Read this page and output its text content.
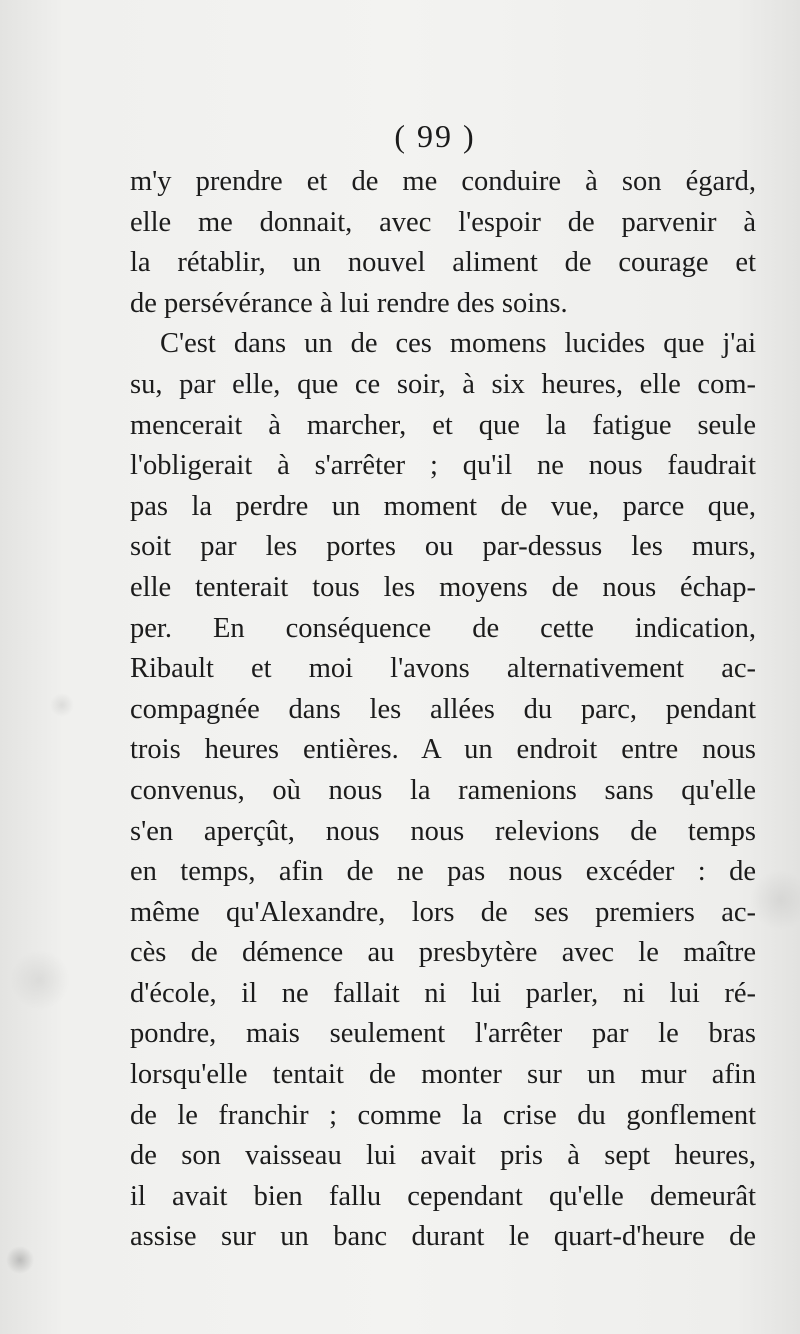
( 99 )
m'y prendre et de me conduire à son égard,
elle me donnait, avec l'espoir de parvenir à
la rétablir, un nouvel aliment de courage et
de persévérance à lui rendre des soins.
C'est dans un de ces momens lucides que j'ai
su, par elle, que ce soir, à six heures, elle com-
mencerait à marcher, et que la fatigue seule
l'obligerait à s'arrêter ; qu'il ne nous faudrait
pas la perdre un moment de vue, parce que,
soit par les portes ou par-dessus les murs,
elle tenterait tous les moyens de nous échap-
per. En conséquence de cette indication,
Ribault et moi l'avons alternativement ac-
compagnée dans les allées du parc, pendant
trois heures entières. A un endroit entre nous
convenus, où nous la ramenions sans qu'elle
s'en aperçût, nous nous relevions de temps
en temps, afin de ne pas nous excéder : de
même qu'Alexandre, lors de ses premiers ac-
cès de démence au presbytère avec le maître
d'école, il ne fallait ni lui parler, ni lui ré-
pondre, mais seulement l'arrêter par le bras
lorsqu'elle tentait de monter sur un mur afin
de le franchir ; comme la crise du gonflement
de son vaisseau lui avait pris à sept heures,
il avait bien fallu cependant qu'elle demeurât
assise sur un banc durant le quart-d'heure de
